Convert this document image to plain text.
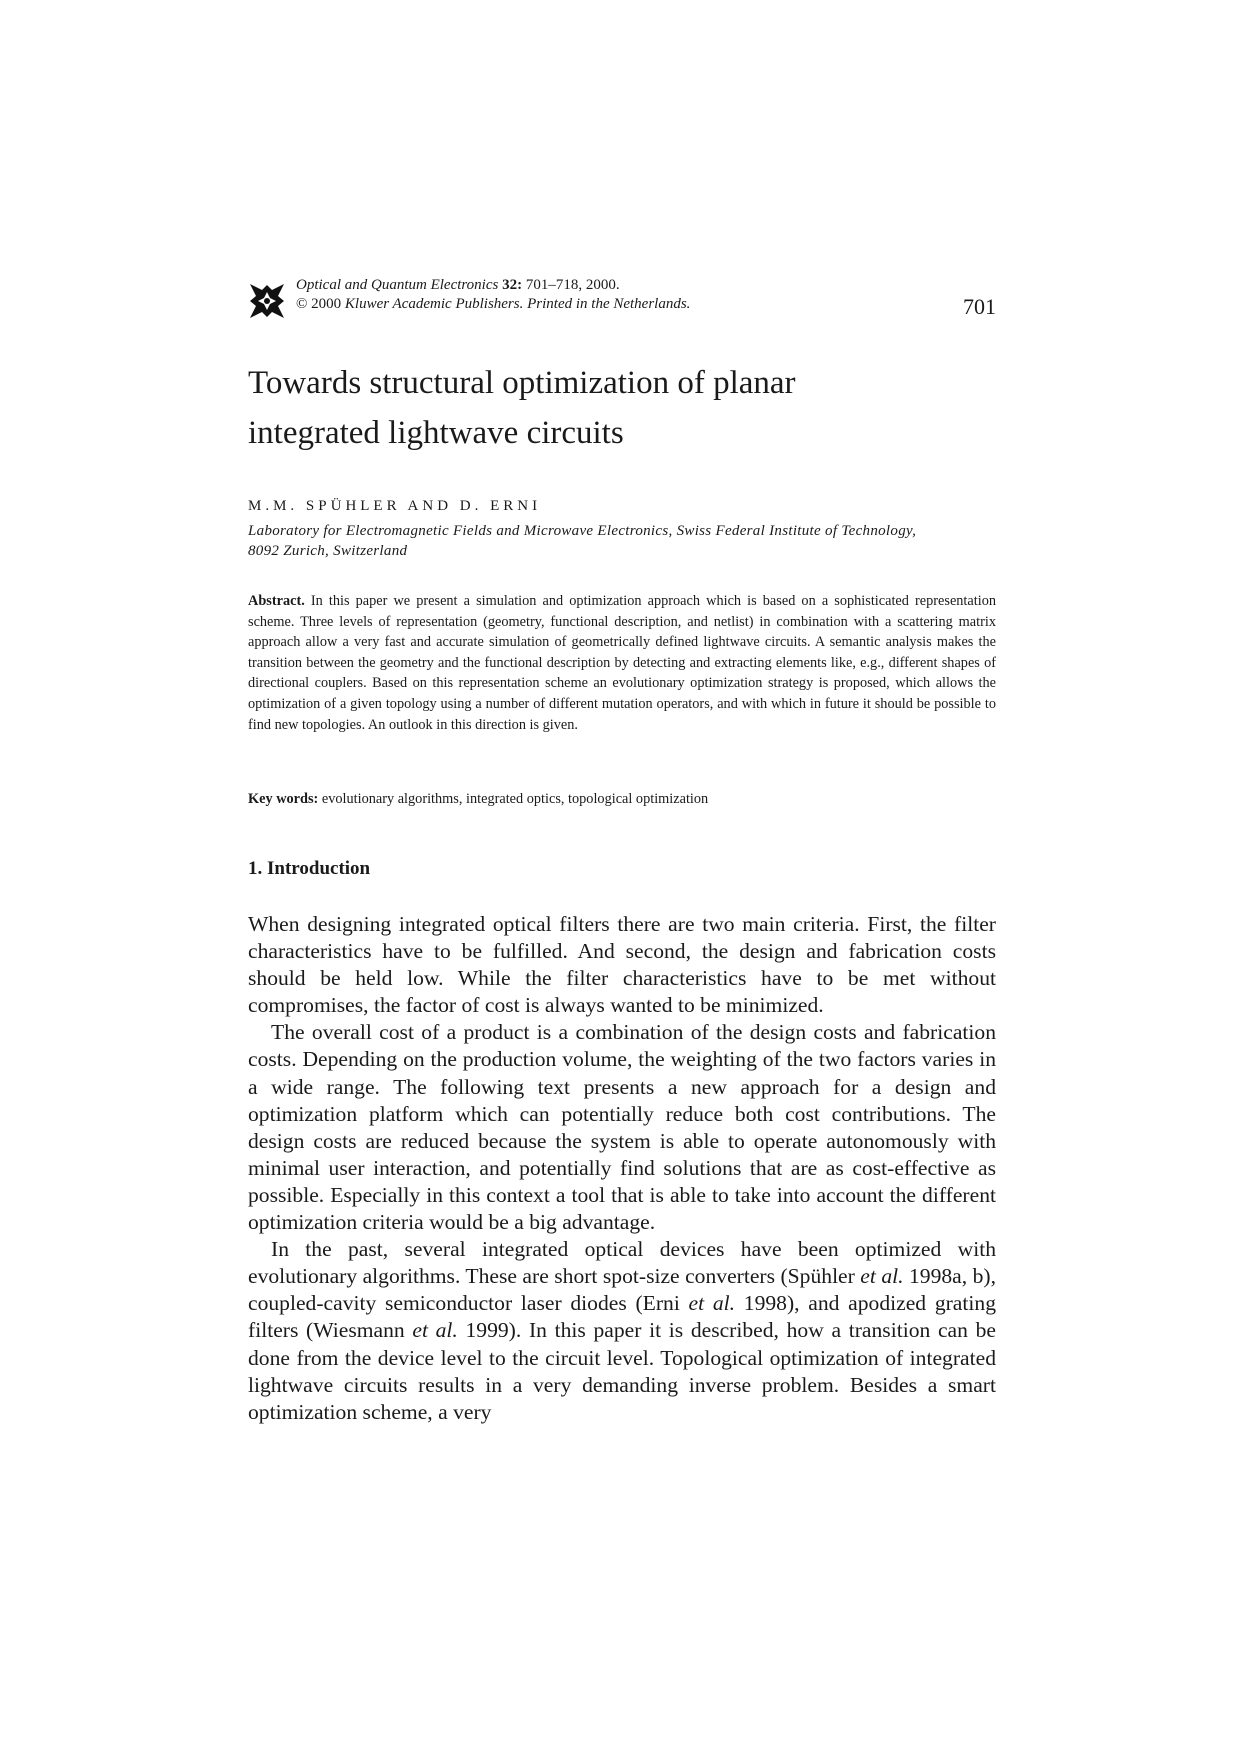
Optical and Quantum Electronics 32: 701–718, 2000.
© 2000 Kluwer Academic Publishers. Printed in the Netherlands.	701
Towards structural optimization of planar
integrated lightwave circuits
M.M. SPÜHLER AND D. ERNI
Laboratory for Electromagnetic Fields and Microwave Electronics, Swiss Federal Institute of Technology,
8092 Zurich, Switzerland

Abstract. In this paper we present a simulation and optimization approach which is based on a sophisticated representation scheme. Three levels of representation (geometry, functional description, and netlist) in combination with a scattering matrix approach allow a very fast and accurate simulation of geometrically defined lightwave circuits. A semantic analysis makes the transition between the geometry and the functional description by detecting and extracting elements like, e.g., different shapes of directional couplers. Based on this representation scheme an evolutionary optimization strategy is proposed, which allows the optimization of a given topology using a number of different mutation operators, and with which in future it should be possible to find new topologies. An outlook in this direction is given.

Key words: evolutionary algorithms, integrated optics, topological optimization
1. Introduction

When designing integrated optical filters there are two main criteria. First, the filter characteristics have to be fulfilled. And second, the design and fabrication costs should be held low. While the filter characteristics have to be met without compromises, the factor of cost is always wanted to be minimized.

The overall cost of a product is a combination of the design costs and fabrication costs. Depending on the production volume, the weighting of the two factors varies in a wide range. The following text presents a new approach for a design and optimization platform which can potentially reduce both cost contributions. The design costs are reduced because the system is able to operate autonomously with minimal user interaction, and potentially find solutions that are as cost-effective as possible. Especially in this context a tool that is able to take into account the different optimization criteria would be a big advantage.

In the past, several integrated optical devices have been optimized with evolutionary algorithms. These are short spot-size converters (Spühler et al. 1998a, b), coupled-cavity semiconductor laser diodes (Erni et al. 1998), and apodized grating filters (Wiesmann et al. 1999). In this paper it is described, how a transition can be done from the device level to the circuit level. Topological optimization of integrated lightwave circuits results in a very demanding inverse problem. Besides a smart optimization scheme, a very
